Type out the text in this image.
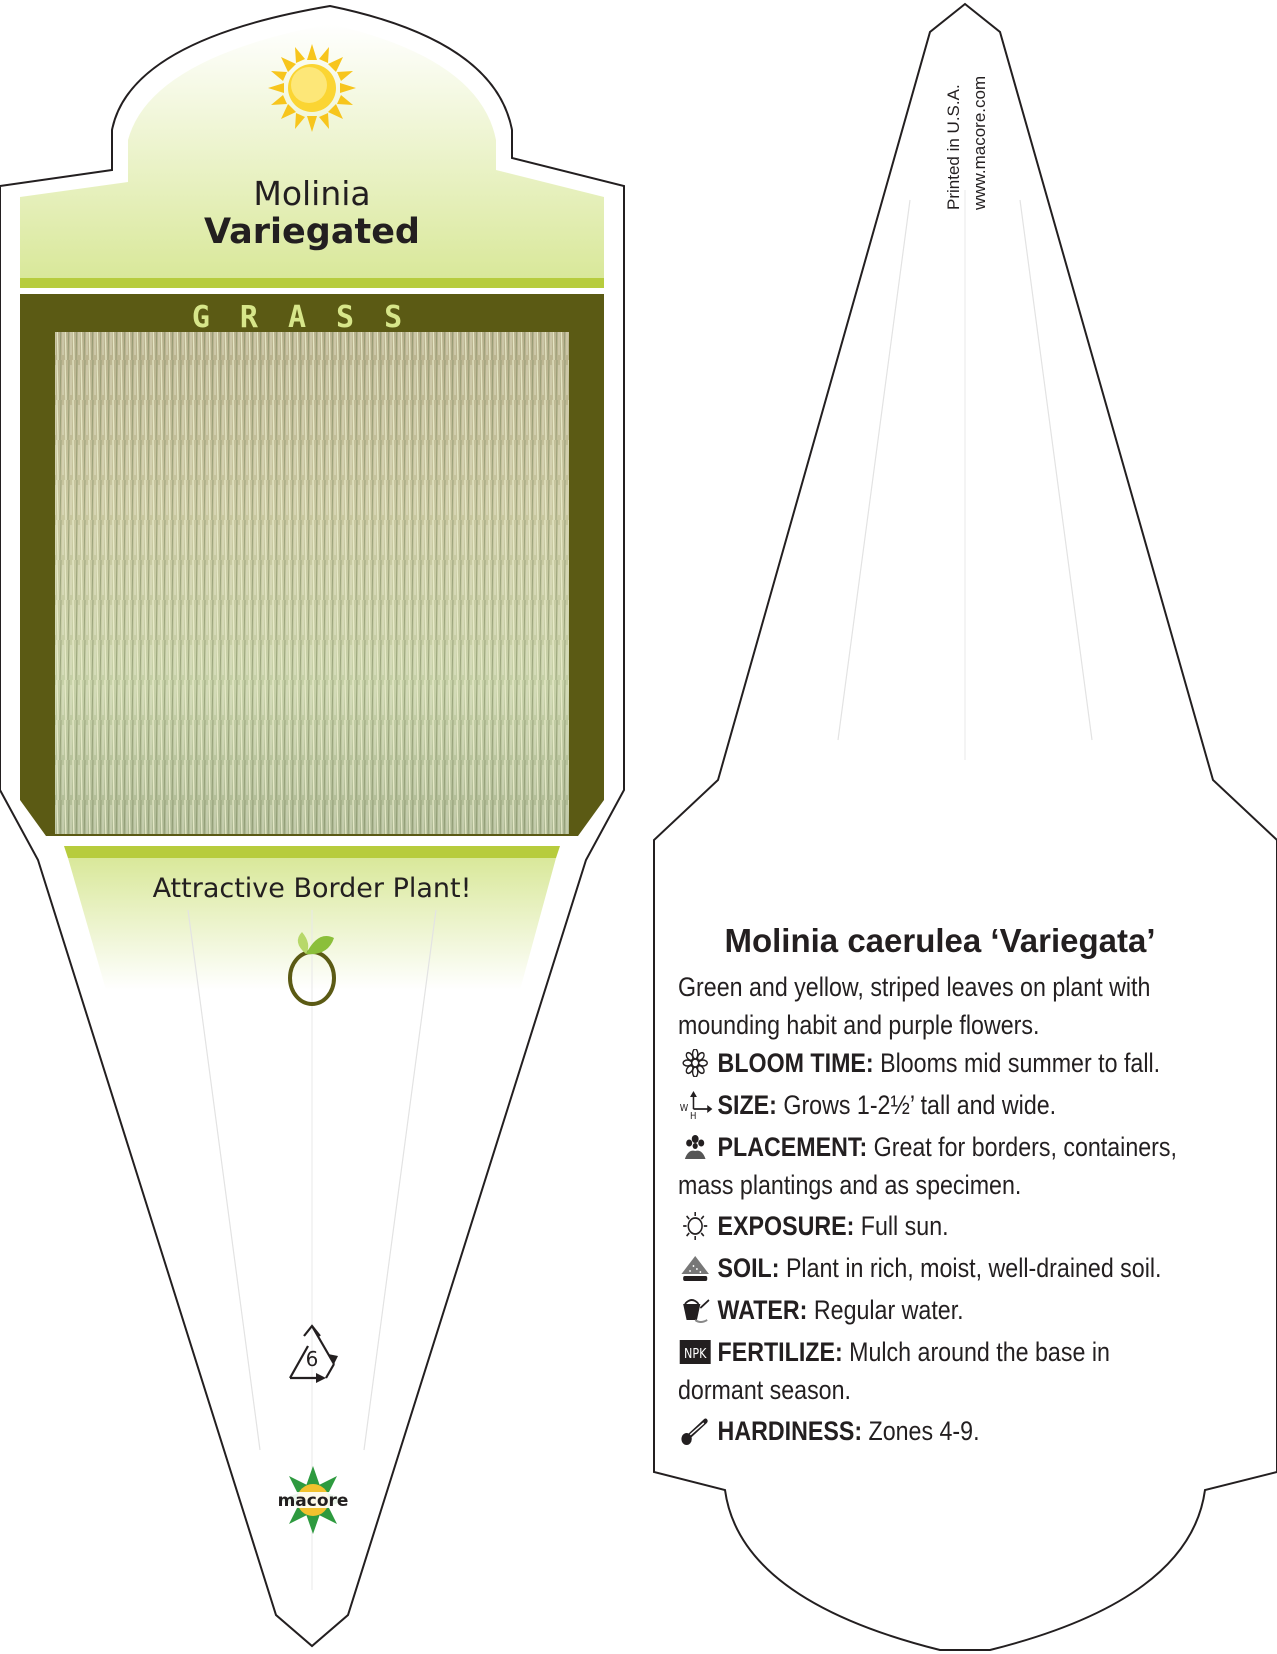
Molinia
Variegated
GRASS
Attractive Border Plant!
6
macore
Printed in U.S.A. www.macore.com
Molinia caerulea ‘Variegata’
Green and yellow, striped leaves on plant with mounding habit and purple flowers.
BLOOM TIME: Blooms mid summer to fall.
W
H SIZE: Grows 1-2½’ tall and wide.
PLACEMENT: Great for borders, containers, mass plantings and as specimen.
EXPOSURE: Full sun.
SOIL: Plant in rich, moist, well-drained soil.
WATER: Regular water.
NPK FERTILIZE: Mulch around the base in dormant season.
HARDINESS: Zones 4-9.
